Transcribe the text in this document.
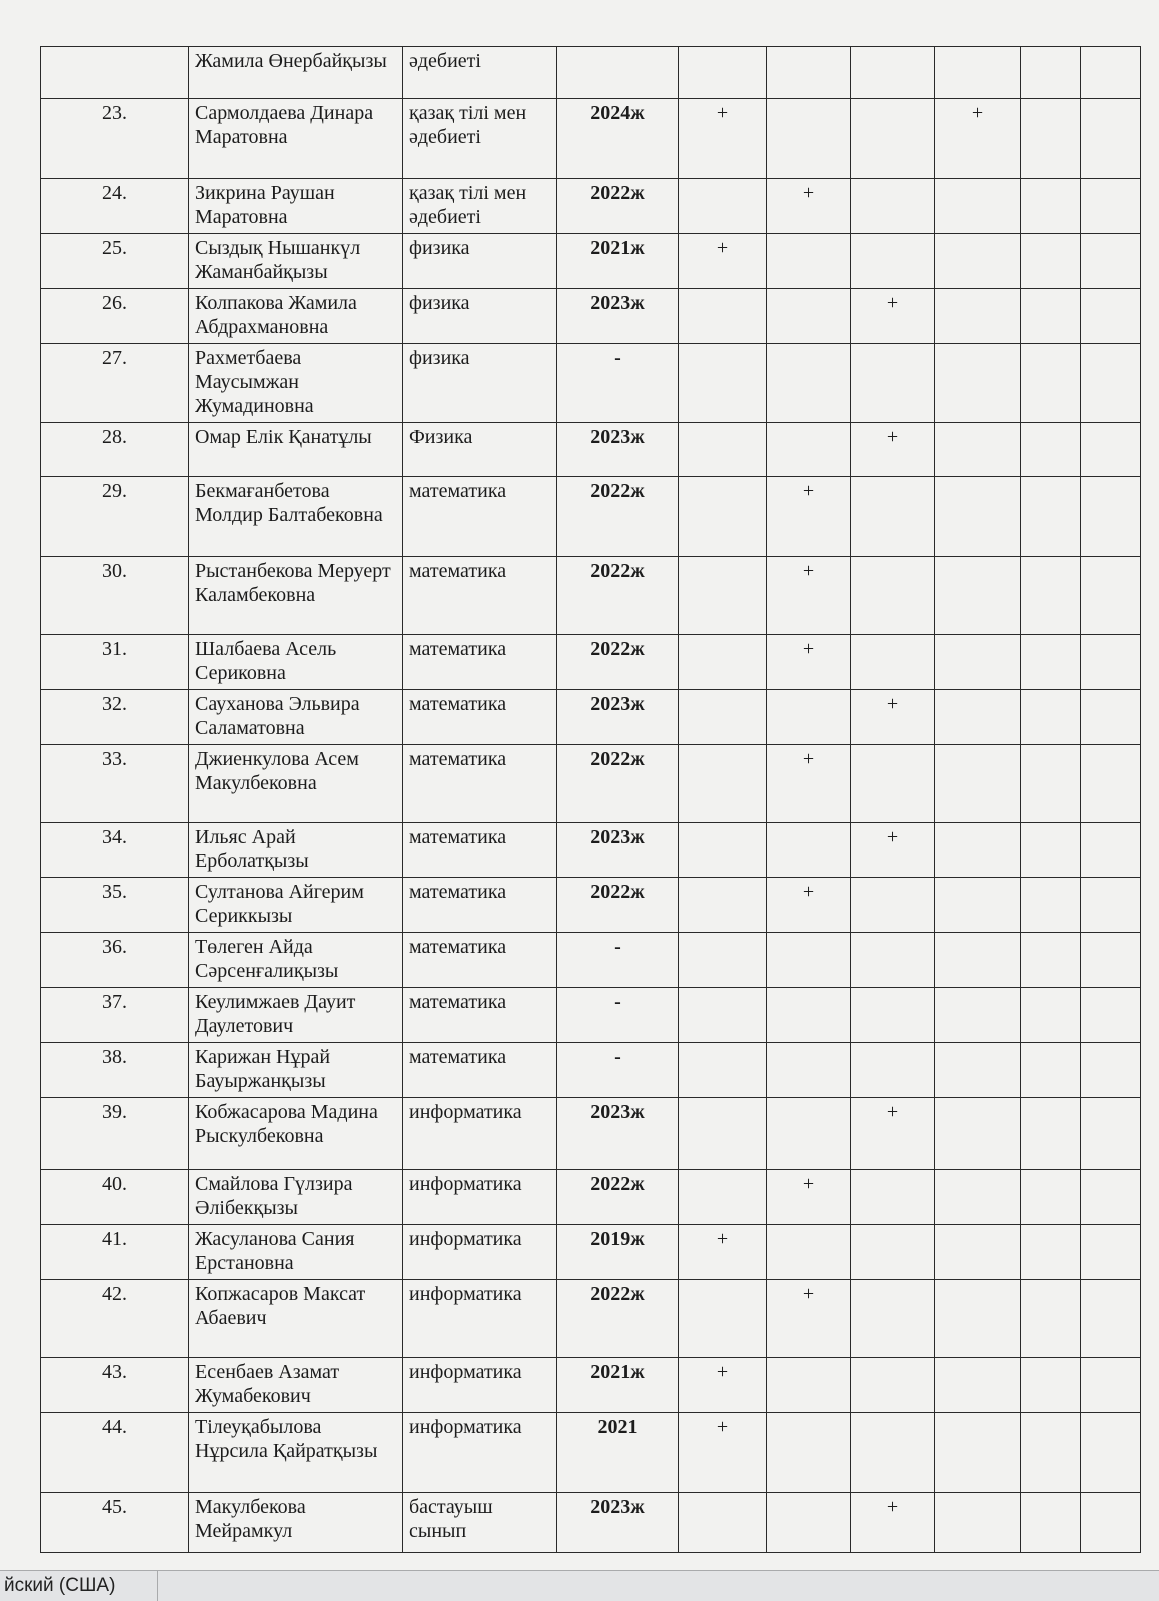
	Жамила Өнербайқызы	әдебиеті							
23.	Сармолдаева Динара Маратовна	қазақ тілі мен әдебиеті	2024ж	+			+		
24.	Зикрина Раушан Маратовна	қазақ тілі мен әдебиеті	2022ж		+				
25.	Сыздық Нышанкүл Жаманбайқызы	физика	2021ж	+					
26.	Колпакова Жамила Абдрахмановна	физика	2023ж			+			
27.	Рахметбаева Маусымжан Жумадиновна	физика	-						
28.	Омар Елік Қанатұлы	Физика	2023ж			+			
29.	Бекмағанбетова Молдир Балтабековна	математика	2022ж		+				
30.	Рыстанбекова Меруерт Каламбековна	математика	2022ж		+				
31.	Шалбаева Асель Сериковна	математика	2022ж		+				
32.	Сауханова Эльвира Саламатовна	математика	2023ж			+			
33.	Джиенкулова Асем Макулбековна	математика	2022ж		+				
34.	Ильяс Арай Ерболатқызы	математика	2023ж			+			
35.	Султанова Айгерим Сериккызы	математика	2022ж		+				
36.	Төлеген Айда Сәрсенғалиқызы	математика	-						
37.	Кеулимжаев Дауит Даулетович	математика	-						
38.	Карижан Нұрай Бауыржанқызы	математика	-						
39.	Кобжасарова Мадина Рыскулбековна	информатика	2023ж			+			
40.	Смайлова Гүлзира Әлібекқызы	информатика	2022ж		+				
41.	Жасуланова Сания Ерстановна	информатика	2019ж	+					
42.	Копжасаров Максат Абаевич	информатика	2022ж		+				
43.	Есенбаев Азамат Жумабекович	информатика	2021ж	+					
44.	Тілеуқабылова Нұрсила Қайратқызы	информатика	2021	+					
45.	Макулбекова Мейрамкул	бастауыш сынып	2023ж			+			
йский (США)
